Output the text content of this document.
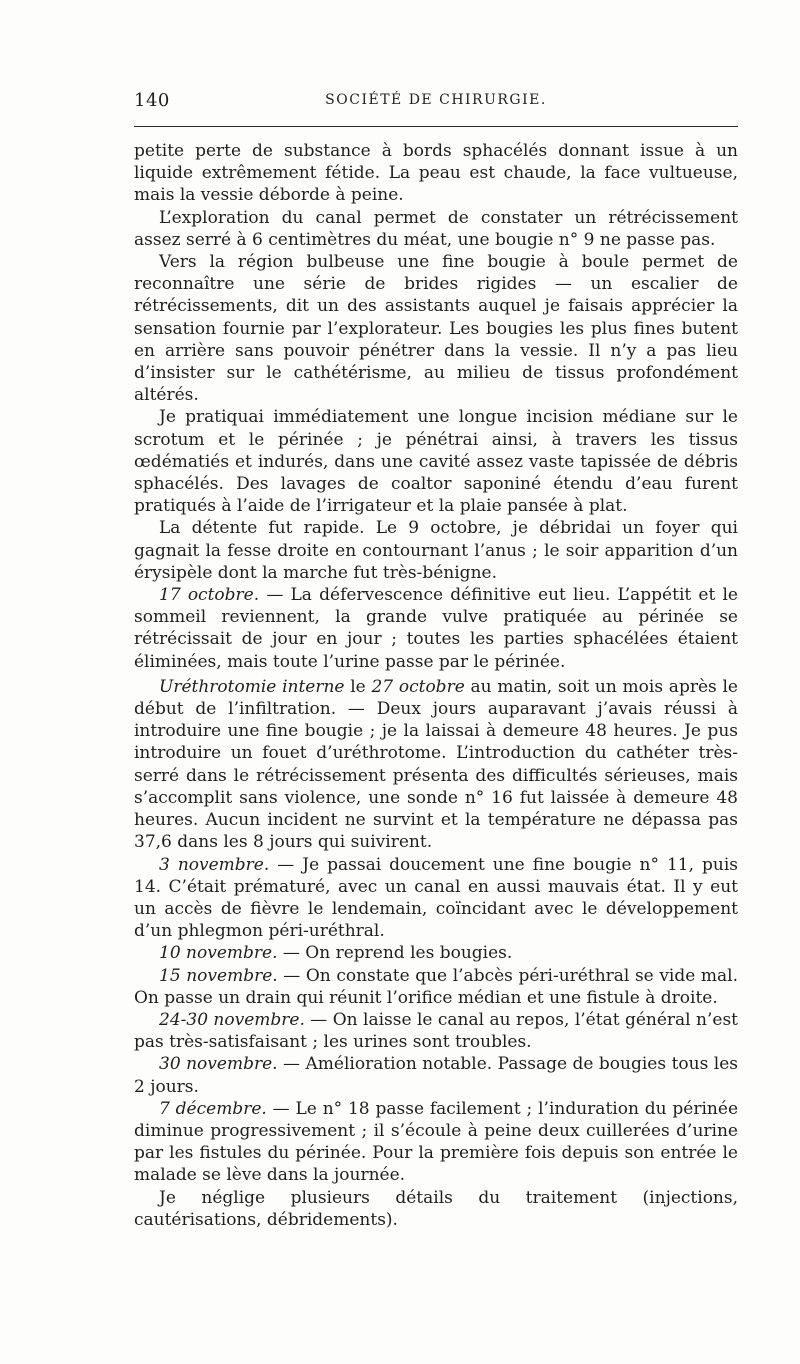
140	SOCIÉTÉ DE CHIRURGIE.

petite perte de substance à bords sphacélés donnant issue à un liquide extrêmement fétide. La peau est chaude, la face vultueuse, mais la vessie déborde à peine.

L’exploration du canal permet de constater un rétrécissement assez serré à 6 centimètres du méat, une bougie n° 9 ne passe pas.

Vers la région bulbeuse une fine bougie à boule permet de reconnaître une série de brides rigides — un escalier de rétrécissements, dit un des assistants auquel je faisais apprécier la sensation fournie par l’explorateur. Les bougies les plus fines butent en arrière sans pouvoir pénétrer dans la vessie. Il n’y a pas lieu d’insister sur le cathétérisme, au milieu de tissus profondément altérés.

Je pratiquai immédiatement une longue incision médiane sur le scrotum et le périnée ; je pénétrai ainsi, à travers les tissus œdématiés et indurés, dans une cavité assez vaste tapissée de débris sphacélés. Des lavages de coaltor saponiné étendu d’eau furent pratiqués à l’aide de l’irrigateur et la plaie pansée à plat.

La détente fut rapide. Le 9 octobre, je débridai un foyer qui gagnait la fesse droite en contournant l’anus ; le soir apparition d’un érysipèle dont la marche fut très-bénigne.

17 octobre. — La défervescence définitive eut lieu. L’appétit et le sommeil reviennent, la grande vulve pratiquée au périnée se rétrécissait de jour en jour ; toutes les parties sphacélées étaient éliminées, mais toute l’urine passe par le périnée.

Uréthrotomie interne le 27 octobre au matin, soit un mois après le début de l’infiltration. — Deux jours auparavant j’avais réussi à introduire une fine bougie ; je la laissai à demeure 48 heures. Je pus introduire un fouet d’uréthrotome. L’introduction du cathéter très-serré dans le rétrécissement présenta des difficultés sérieuses, mais s’accomplit sans violence, une sonde n° 16 fut laissée à demeure 48 heures. Aucun incident ne survint et la température ne dépassa pas 37,6 dans les 8 jours qui suivirent.

3 novembre. — Je passai doucement une fine bougie n° 11, puis 14. C’était prématuré, avec un canal en aussi mauvais état. Il y eut un accès de fièvre le lendemain, coïncidant avec le développement d’un phlegmon péri-uréthral.

10 novembre. — On reprend les bougies.

15 novembre. — On constate que l’abcès péri-uréthral se vide mal. On passe un drain qui réunit l’orifice médian et une fistule à droite.

24-30 novembre. — On laisse le canal au repos, l’état général n’est pas très-satisfaisant ; les urines sont troubles.

30 novembre. — Amélioration notable. Passage de bougies tous les 2 jours.

7 décembre. — Le n° 18 passe facilement ; l’induration du périnée diminue progressivement ; il s’écoule à peine deux cuillerées d’urine par les fistules du périnée. Pour la première fois depuis son entrée le malade se lève dans la journée.

Je néglige plusieurs détails du traitement (injections, cautérisations, débridements).
